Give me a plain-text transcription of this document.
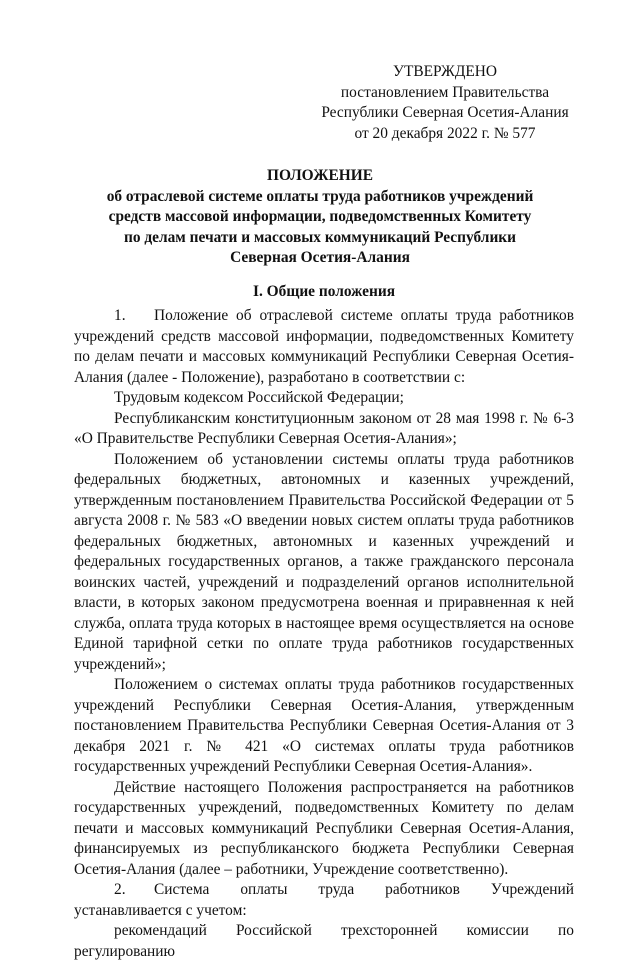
УТВЕРЖДЕНО
постановлением Правительства
Республики Северная Осетия-Алания
от 20 декабря 2022 г. № 577
ПОЛОЖЕНИЕ
об отраслевой системе оплаты труда работников учреждений
средств массовой информации, подведомственных Комитету
по делам печати и массовых коммуникаций Республики
Северная Осетия-Алания
I. Общие положения

1. Положение об отраслевой системе оплаты труда работников учреждений средств массовой информации, подведомственных Комитету по делам печати и массовых коммуникаций Республики Северная Осетия-Алания (далее - Положение), разработано в соответствии с:

Трудовым кодексом Российской Федерации;

Республиканским конституционным законом от 28 мая 1998 г. № 6-3 «О Правительстве Республики Северная Осетия-Алания»;

Положением об установлении системы оплаты труда работников федеральных бюджетных, автономных и казенных учреждений, утвержденным постановлением Правительства Российской Федерации от 5 августа 2008 г. № 583 «О введении новых систем оплаты труда работников федеральных бюджетных, автономных и казенных учреждений и федеральных государственных органов, а также гражданского персонала воинских частей, учреждений и подразделений органов исполнительной власти, в которых законом предусмотрена военная и приравненная к ней служба, оплата труда которых в настоящее время осуществляется на основе Единой тарифной сетки по оплате труда работников государственных учреждений»;

Положением о системах оплаты труда работников государственных учреждений Республики Северная Осетия-Алания, утвержденным постановлением Правительства Республики Северная Осетия-Алания от 3 декабря 2021 г. № 421 «О системах оплаты труда работников государственных учреждений Республики Северная Осетия-Алания».

Действие настоящего Положения распространяется на работников государственных учреждений, подведомственных Комитету по делам печати и массовых коммуникаций Республики Северная Осетия-Алания, финансируемых из республиканского бюджета Республики Северная Осетия-Алания (далее – работники, Учреждение соответственно).

2. Система оплаты труда работников Учреждений устанавливается с учетом:

рекомендаций Российской трехсторонней комиссии по регулированию
